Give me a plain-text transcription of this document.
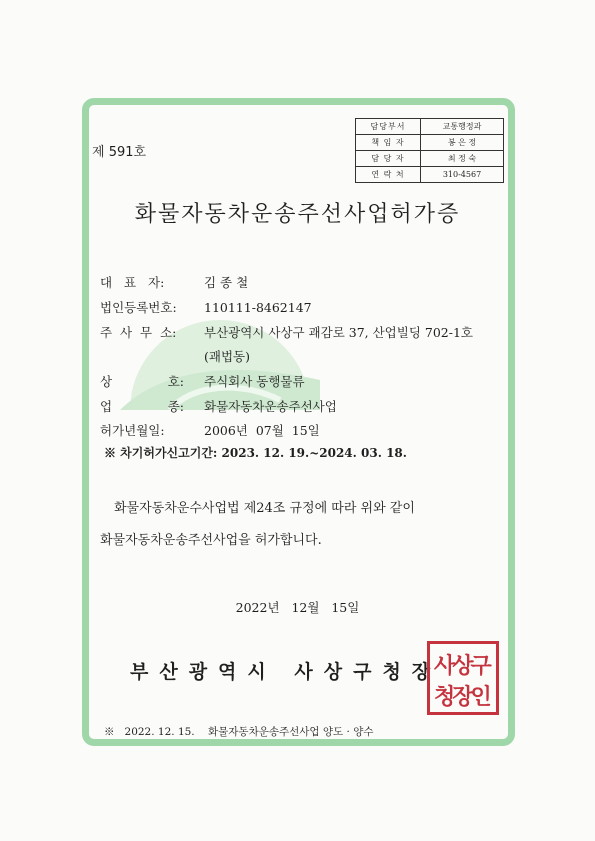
제 591호
담당부서	교통행정과
책 임 자	봉 은 정
담 당 자	최 정 숙
연 락 처	310-4567
화물자동차운송주선사업허가증
대   표   자:	김 종 철
법인등록번호: 110111-8462147
주  사  무  소: 부산광역시 사상구 괘감로 37, 산업빌딩 702-1호
(괘법동)
상              호: 주식회사 동행물류
업              종: 화물자동차운송주선사업
허가년월일:	2006년  07월  15일
※ 차기허가신고기간: 2023. 12. 19.~2024. 03. 18.
화물자동차운수사업법 제24조 규정에 따라 위와 같이
화물자동차운송주선사업을 허가합니다.
2022년   12월   15일
부산광역시 사상구청장
사상구
청장인
※   2022. 12. 15.    화물자동차운송주선사업 양도 · 양수
